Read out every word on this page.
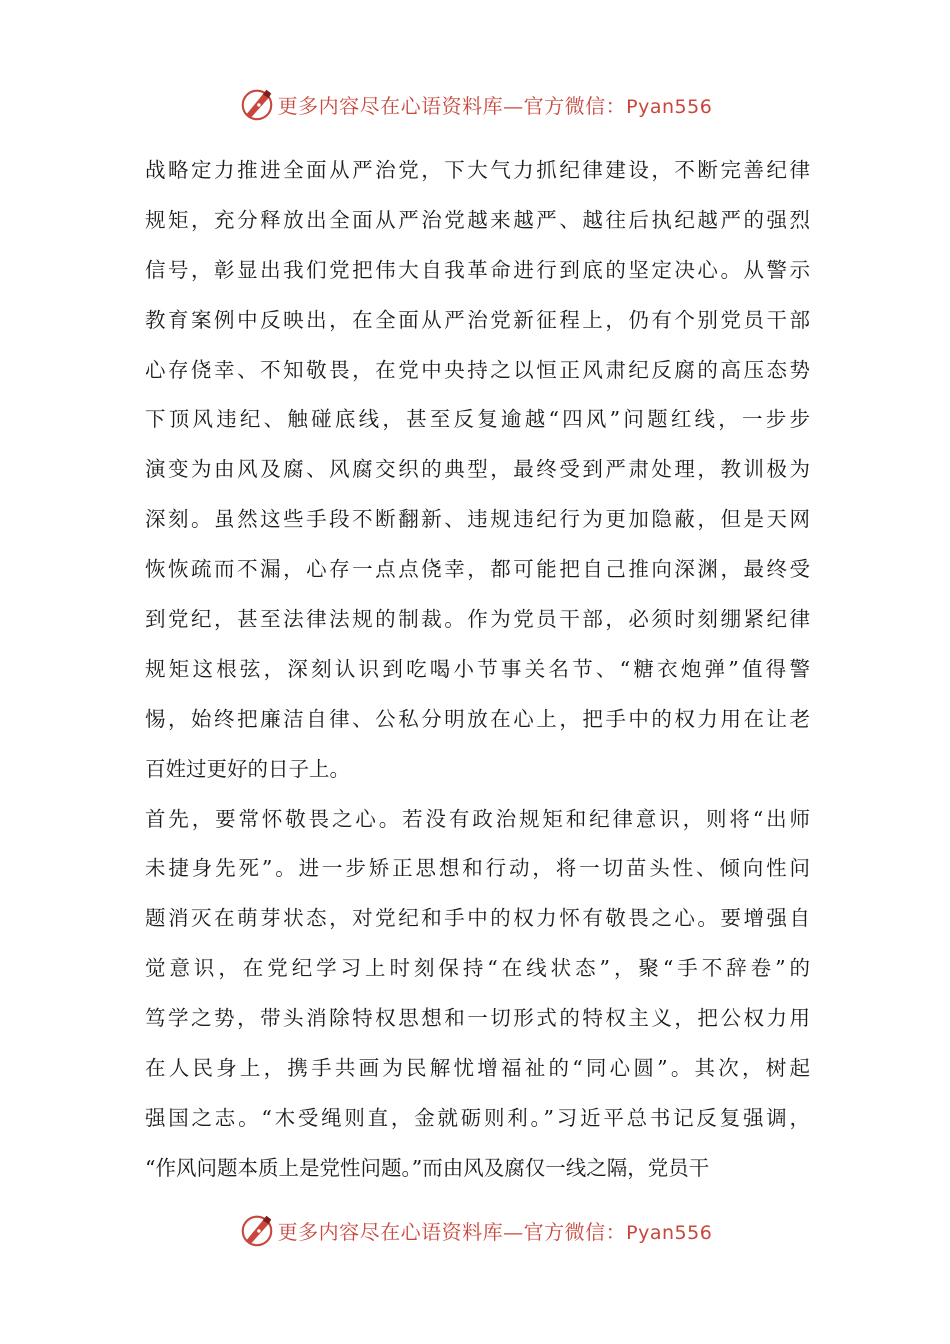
更多内容尽在心语资料库—官方微信：Pyan556
战略定力推进全面从严治党，下大气力抓纪律建设，不断完善纪律
规矩，充分释放出全面从严治党越来越严、越往后执纪越严的强烈
信号，彰显出我们党把伟大自我革命进行到底的坚定决心。从警示
教育案例中反映出，在全面从严治党新征程上，仍有个别党员干部
心存侥幸、不知敬畏，在党中央持之以恒正风肃纪反腐的高压态势
下顶风违纪、触碰底线，甚至反复逾越“四风”问题红线，一步步
演变为由风及腐、风腐交织的典型，最终受到严肃处理，教训极为
深刻。虽然这些手段不断翻新、违规违纪行为更加隐蔽，但是天网
恢恢疏而不漏，心存一点点侥幸，都可能把自己推向深渊，最终受
到党纪，甚至法律法规的制裁。作为党员干部，必须时刻绷紧纪律
规矩这根弦，深刻认识到吃喝小节事关名节、“糖衣炮弹”值得警
惕，始终把廉洁自律、公私分明放在心上，把手中的权力用在让老
百姓过更好的日子上。
首先，要常怀敬畏之心。若没有政治规矩和纪律意识，则将“出师
未捷身先死”。进一步矫正思想和行动，将一切苗头性、倾向性问
题消灭在萌芽状态，对党纪和手中的权力怀有敬畏之心。要增强自
觉意识，在党纪学习上时刻保持“在线状态”，聚“手不辞卷”的
笃学之势，带头消除特权思想和一切形式的特权主义，把公权力用
在人民身上，携手共画为民解忧增福祉的“同心圆”。其次，树起
强国之志。“木受绳则直，金就砺则利。”习近平总书记反复强调，
“作风问题本质上是党性问题。”而由风及腐仅一线之隔，党员干
更多内容尽在心语资料库—官方微信：Pyan556
